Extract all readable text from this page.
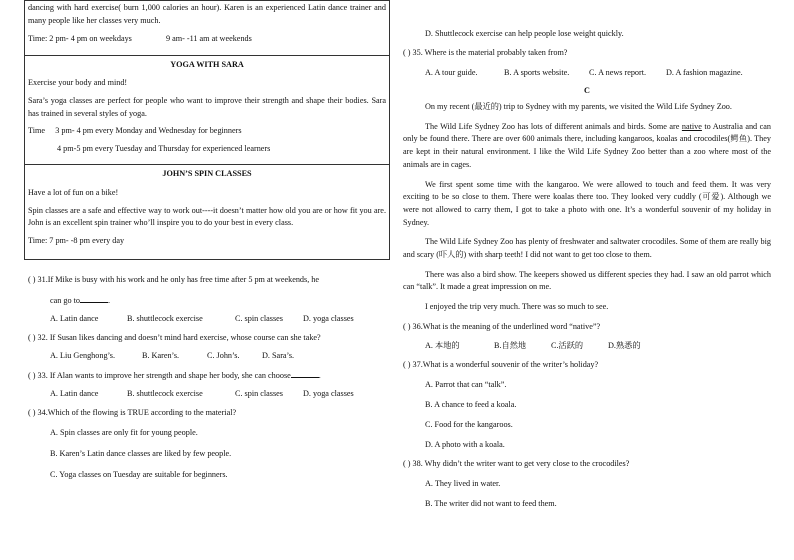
dancing with hard exercise( burn 1,000 calories an hour). Karen is an experienced Latin dance trainer and many people like her classes very much.

Time: 2 pm- 4 pm on weekdays	9 am- -11 am at weekends

YOGA WITH SARA

Exercise your body and mind!

Sara’s yoga classes are perfect for people who want to improve their strength and shape their bodies. Sara has trained in several styles of yoga.

Time     3 pm- 4 pm every Monday and Wednesday for beginners

4 pm-5 pm every Tuesday and Thursday for experienced learners

JOHN’S SPIN CLASSES

Have a lot of fun on a bike!

Spin classes are a safe and effective way to work out----it doesn’t matter how old you are or how fit you are. John is an excellent spin trainer who’ll inspire you to do your best in every class.

Time: 7 pm- -8 pm every day

( ) 31.If Mike is busy with his work and he only has free time after 5 pm at weekends, he

can go to	.

A. Latin dance	B. shuttlecock exercise	C. spin classes	D. yoga classes

( ) 32. If Susan likes dancing and doesn’t mind hard exercise, whose course can she take?

A. Liu Genghong’s.	B. Karen’s.	C. John’s.	D. Sara’s.

( ) 33. If Alan wants to improve her strength and shape her body, she can choose	.

A. Latin dance	B. shuttlecock exercise	C. spin classes	D. yoga classes

( ) 34.Which of the flowing is TRUE according to the material?

A. Spin classes are only fit for young people.

B. Karen’s Latin dance classes are liked by few people.

C. Yoga classes on Tuesday are suitable for beginners.

D. Shuttlecock exercise can help people lose weight quickly.

( ) 35. Where is the material probably taken from?

A. A tour guide.	B. A sports website.	C. A news report.	D. A fashion magazine.

C

On my recent (最近的) trip to Sydney with my parents, we visited the Wild Life Sydney Zoo.

The Wild Life Sydney Zoo has lots of different animals and birds. Some are native to Australia and can only be found there. There are over 600 animals there, including kangaroos, koalas and crocodiles(鳄鱼). They are kept in their natural environment. I like the Wild Life Sydney Zoo better than a zoo where most of the animals are in cages.

We first spent some time with the kangaroo. We were allowed to touch and feed them. It was very exciting to be so close to them. There were koalas there too. They looked very cuddly (可爱). Although we were not allowed to carry them, I got to take a photo with one. It’s a wonderful souvenir of my holiday in Sydney.

The Wild Life Sydney Zoo has plenty of freshwater and saltwater crocodiles. Some of them are really big and scary (吓人的) with sharp teeth! I did not want to get too close to them.

There was also a bird show. The keepers showed us different species they had. I saw an old parrot which can “talk”. It made a great impression on me.

I enjoyed the trip very much. There was so much to see.

( ) 36.What is the meaning of the underlined word “native”?

A. 本地的	B.自然地	C.活跃的	D.熟悉的

( ) 37.What is a wonderful souvenir of the writer’s holiday?

A. Parrot that can “talk”.

B. A chance to feed a koala.

C. Food for the kangaroos.

D. A photo with a koala.

( ) 38. Why didn’t the writer want to get very close to the crocodiles?

A. They lived in water.

B. The writer did not want to feed them.
